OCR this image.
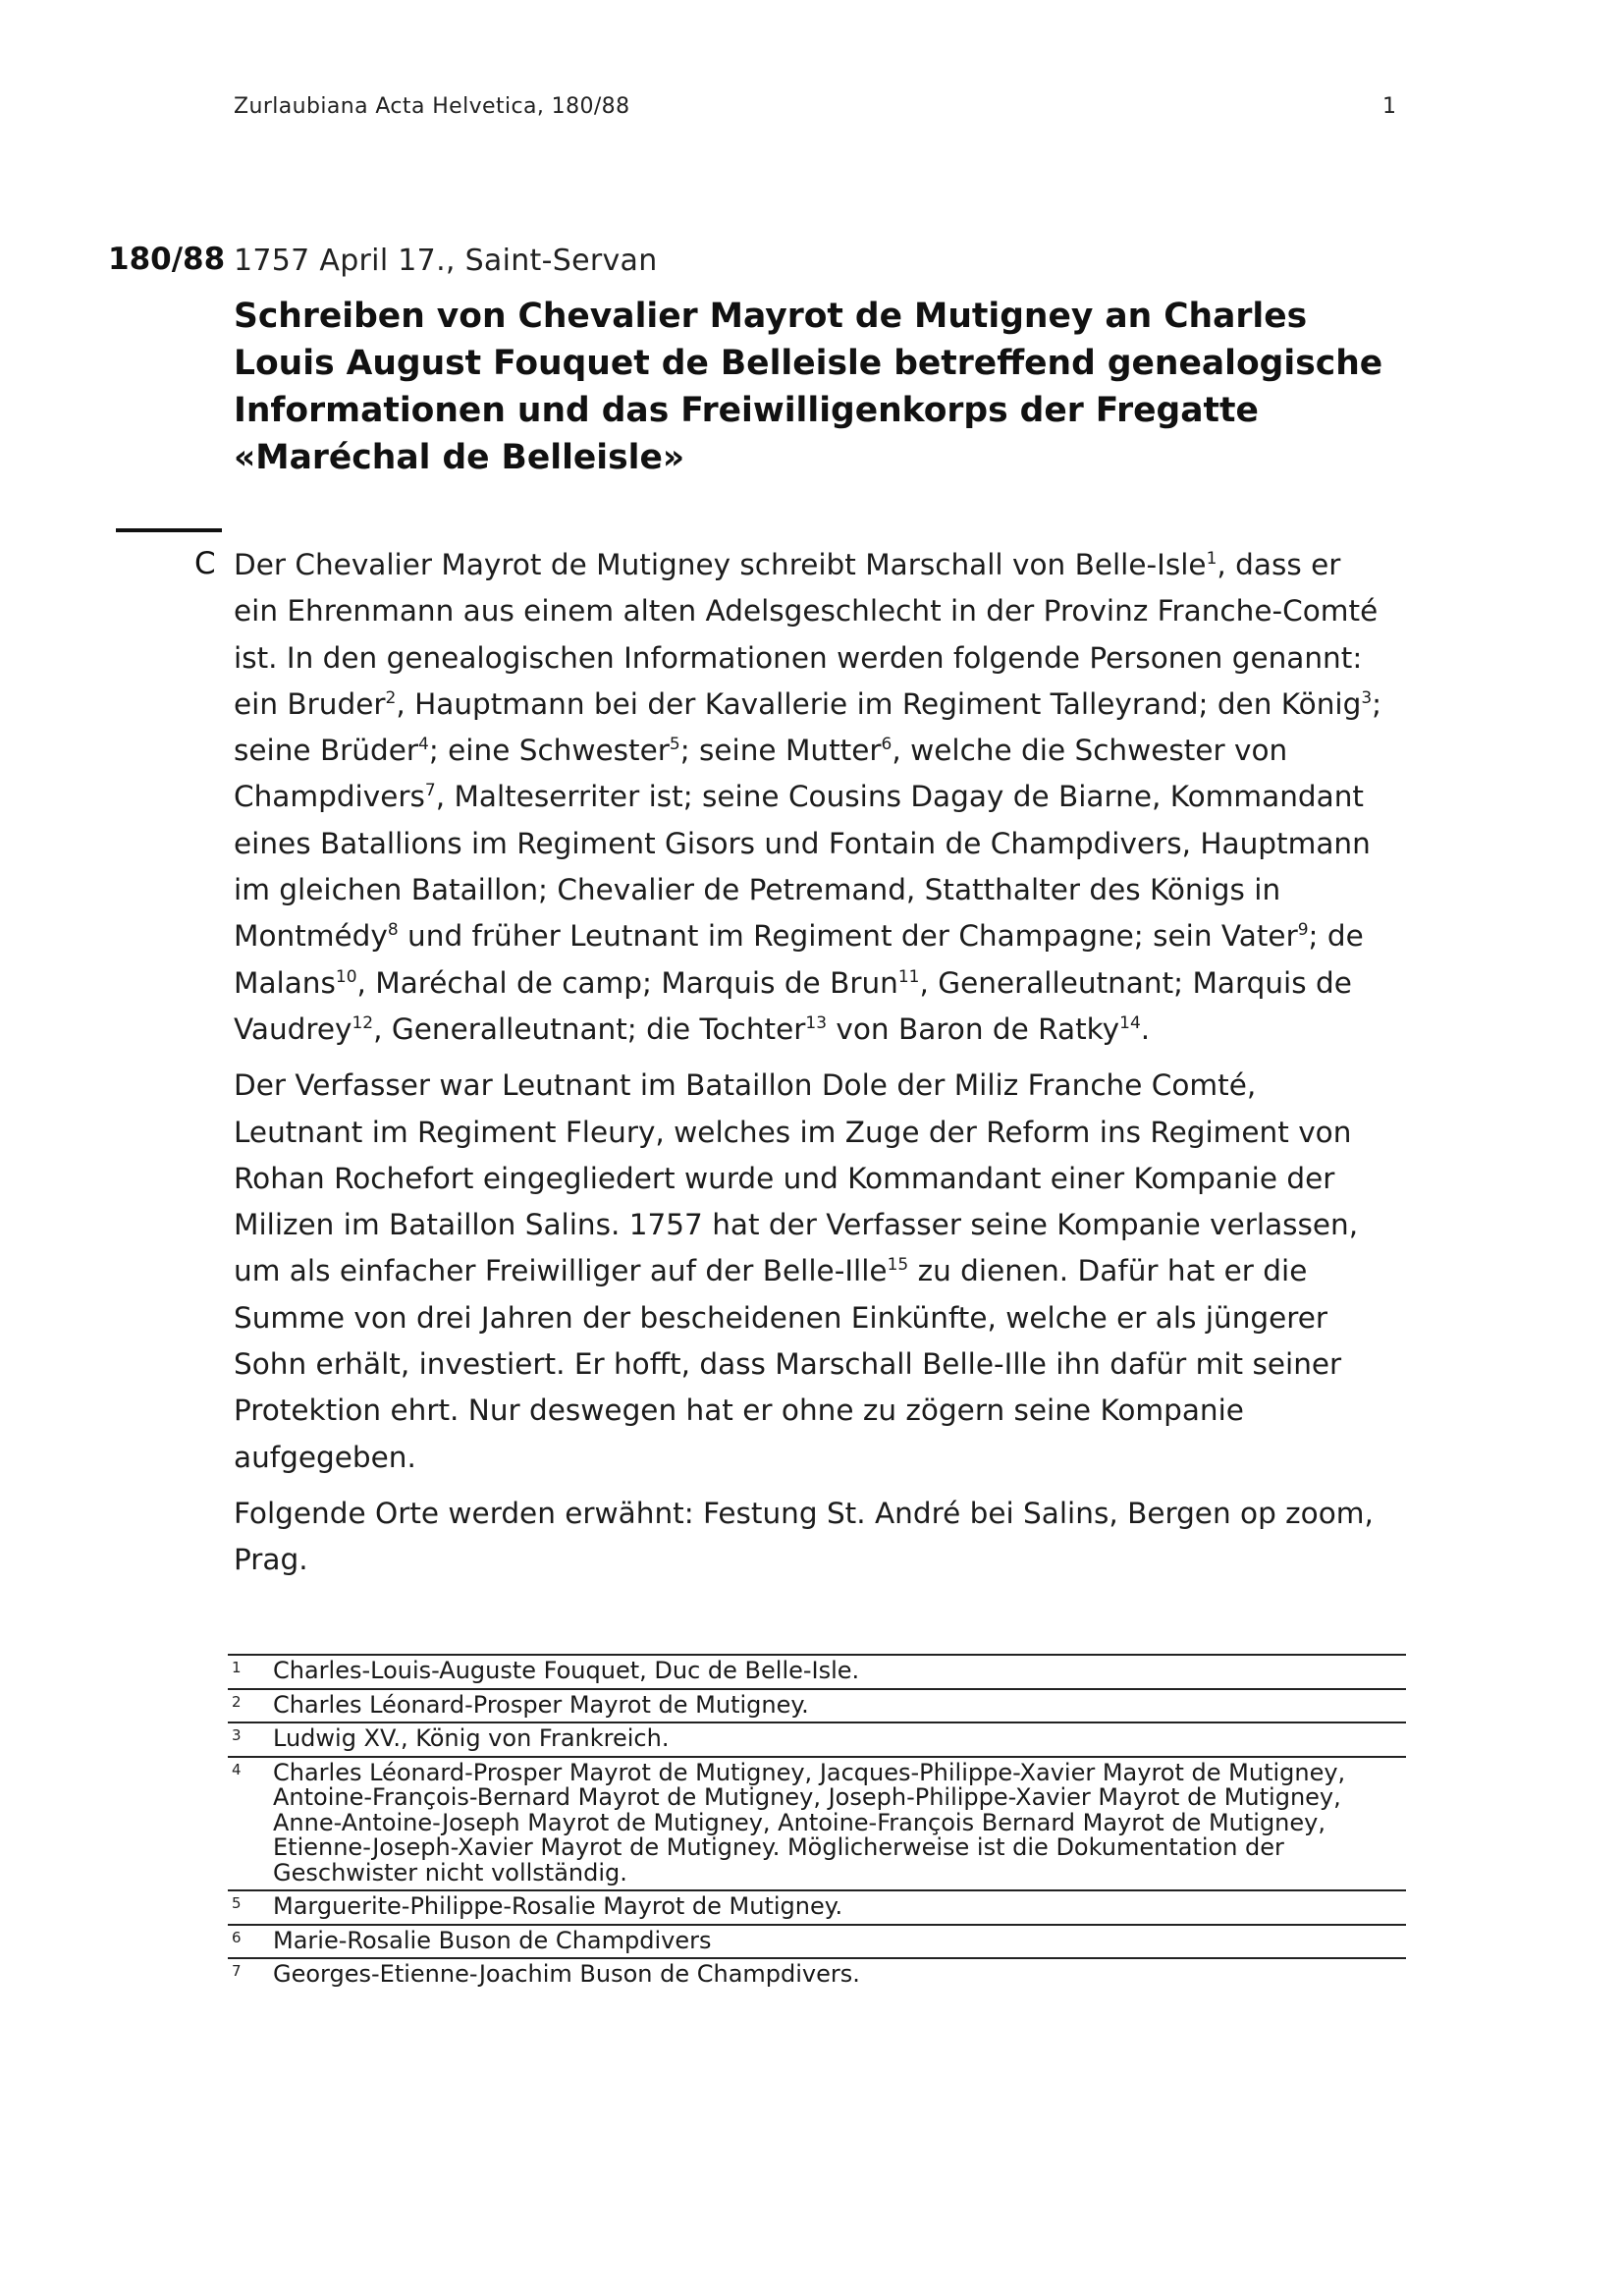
Zurlaubiana Acta Helvetica, 180/88	1
180/88 1757 April 17., Saint-Servan
Schreiben von Chevalier Mayrot de Mutigney an Charles Louis August Fouquet de Belleisle betreffend genealogische Informationen und das Freiwilligenkorps der Fregatte «Maréchal de Belleisle»
C Der Chevalier Mayrot de Mutigney schreibt Marschall von Belle-Isle$^1$, dass er ein Ehrenmann aus einem alten Adelsgeschlecht in der Provinz Franche-Comté ist. In den genealogischen Informationen werden folgende Personen genannt: ein Bruder$^2$, Hauptmann bei der Kavallerie im Regiment Talleyrand; den König$^3$; seine Brüder$^4$; eine Schwester$^5$; seine Mutter$^6$, welche die Schwester von Champdivers$^7$, Malteserriter ist; seine Cousins Dagay de Biarne, Kommandant eines Batallions im Regiment Gisors und Fontain de Champdivers, Hauptmann im gleichen Bataillon; Chevalier de Petremand, Statthalter des Königs in Montmédy$^8$ und früher Leutnant im Regiment der Champagne; sein Vater$^9$; de Malans$^{10}$, Maréchal de camp; Marquis de Brun$^{11}$, Generalleutnant; Marquis de Vaudrey$^{12}$, Generalleutnant; die Tochter$^{13}$ von Baron de Ratky$^{14}$.

Der Verfasser war Leutnant im Bataillon Dole der Miliz Franche Comté, Leutnant im Regiment Fleury, welches im Zuge der Reform ins Regiment von Rohan Rochefort eingegliedert wurde und Kommandant einer Kompanie der Milizen im Bataillon Salins. 1757 hat der Verfasser seine Kompanie verlassen, um als einfacher Freiwilliger auf der Belle-Ille$^{15}$ zu dienen. Dafür hat er die Summe von drei Jahren der bescheidenen Einkünfte, welche er als jüngerer Sohn erhält, investiert. Er hofft, dass Marschall Belle-Ille ihn dafür mit seiner Protektion ehrt. Nur deswegen hat er ohne zu zögern seine Kompanie aufgegeben.

Folgende Orte werden erwähnt: Festung St. André bei Salins, Bergen op zoom, Prag.

1	Charles-Louis-Auguste Fouquet, Duc de Belle-Isle.
2	Charles Léonard-Prosper Mayrot de Mutigney.
3	Ludwig XV., König von Frankreich.
4	Charles Léonard-Prosper Mayrot de Mutigney, Jacques-Philippe-Xavier Mayrot de Mutigney, Antoine-François-Bernard Mayrot de Mutigney, Joseph-Philippe-Xavier Mayrot de Mutigney, Anne-Antoine-Joseph Mayrot de Mutigney, Antoine-François Bernard Mayrot de Mutigney, Etienne-Joseph-Xavier Mayrot de Mutigney. Möglicherweise ist die Dokumentation der Geschwister nicht vollständig.
5	Marguerite-Philippe-Rosalie Mayrot de Mutigney.
6	Marie-Rosalie Buson de Champdivers
7	Georges-Etienne-Joachim Buson de Champdivers.
